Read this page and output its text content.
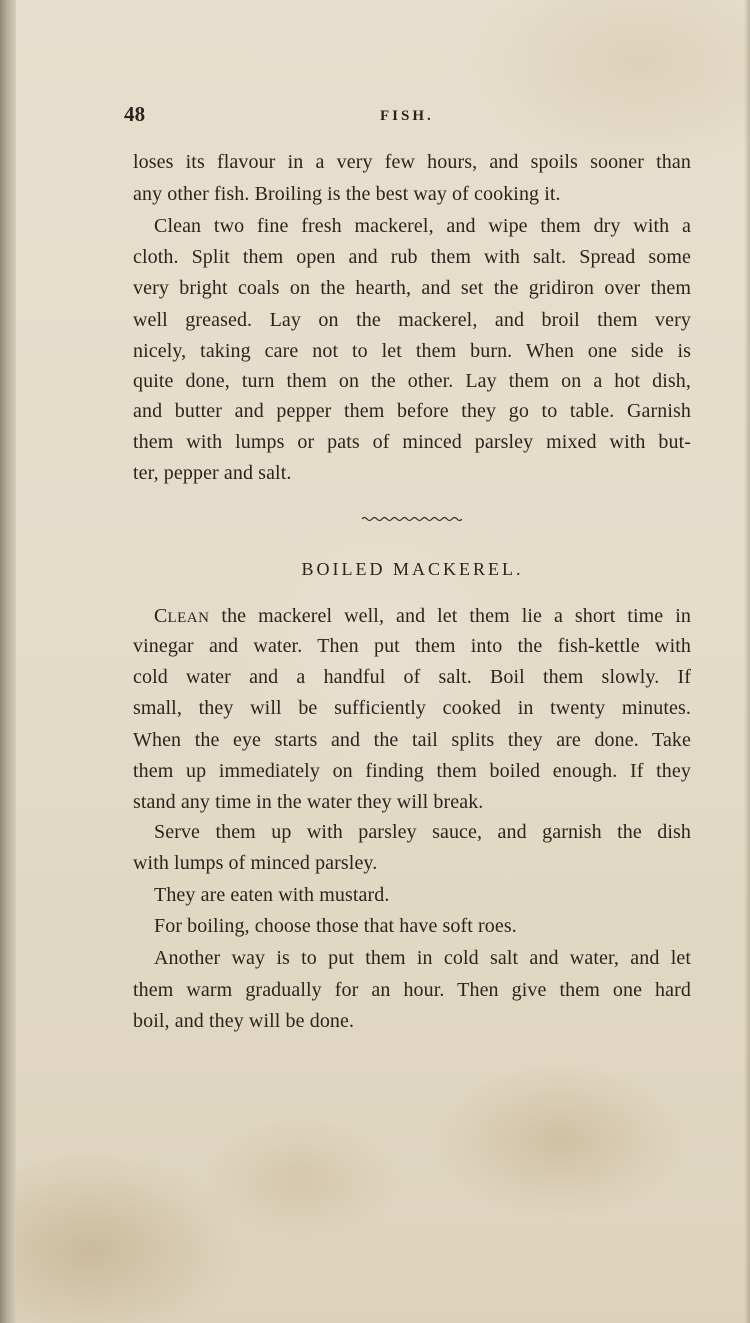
48	FISH.
loses its flavour in a very few hours, and spoils sooner than
any other fish. Broiling is the best way of cooking it.
Clean two fine fresh mackerel, and wipe them dry with a
cloth. Split them open and rub them with salt. Spread some
very bright coals on the hearth, and set the gridiron over them
well greased. Lay on the mackerel, and broil them very
nicely, taking care not to let them burn. When one side is
quite done, turn them on the other. Lay them on a hot dish,
and butter and pepper them before they go to table. Garnish
them with lumps or pats of minced parsley mixed with but-
ter, pepper and salt.
BOILED MACKEREL.
CLEAN the mackerel well, and let them lie a short time in
vinegar and water. Then put them into the fish-kettle with
cold water and a handful of salt. Boil them slowly. If
small, they will be sufficiently cooked in twenty minutes.
When the eye starts and the tail splits they are done. Take
them up immediately on finding them boiled enough. If they
stand any time in the water they will break.
Serve them up with parsley sauce, and garnish the dish
with lumps of minced parsley.
They are eaten with mustard.
For boiling, choose those that have soft roes.
Another way is to put them in cold salt and water, and let
them warm gradually for an hour. Then give them one hard
boil, and they will be done.
